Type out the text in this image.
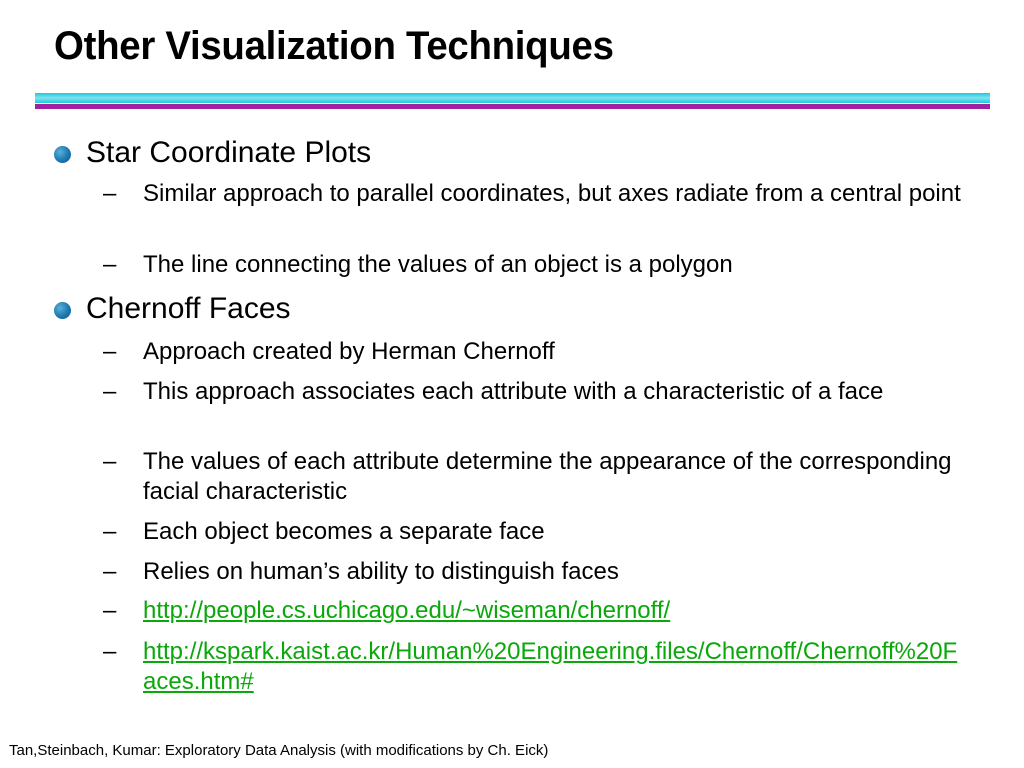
Other Visualization Techniques
Star Coordinate Plots
– Similar approach to parallel coordinates, but axes radiate from a central point
– The line connecting the values of an object is a polygon
Chernoff Faces
– Approach created by Herman Chernoff
– This approach associates each attribute with a characteristic of a face
– The values of each attribute determine the appearance of the corresponding facial characteristic
– Each object becomes a separate face
– Relies on human’s ability to distinguish faces
– http://people.cs.uchicago.edu/~wiseman/chernoff/
– http://kspark.kaist.ac.kr/Human%20Engineering.files/Chernoff/Chernoff%20Faces.htm#
Tan,Steinbach, Kumar: Exploratory Data Analysis (with modifications by Ch. Eick)
